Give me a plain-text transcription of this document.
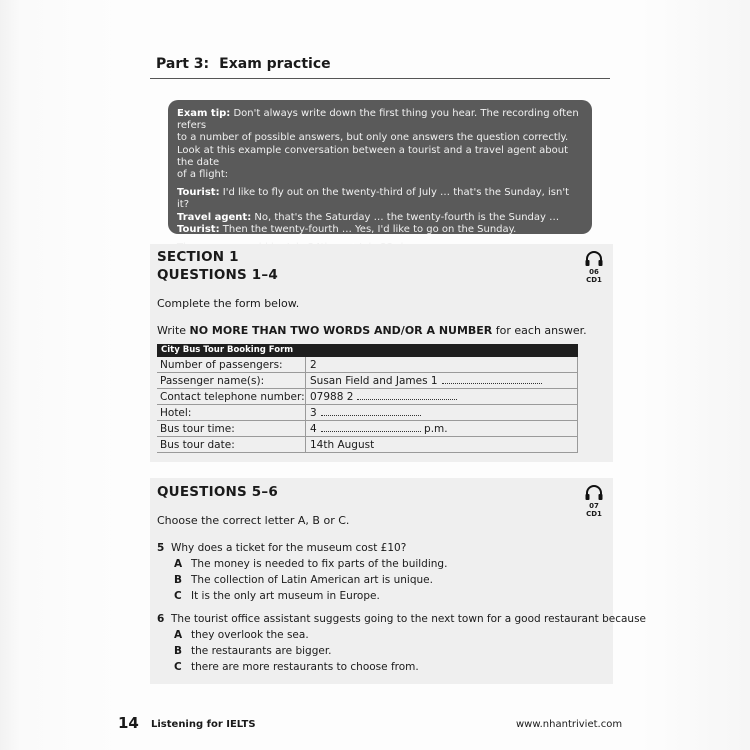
Part 3: Exam practice

Exam tip: Don't always write down the first thing you hear. The recording often refers

to a number of possible answers, but only one answers the question correctly.

Look at this example conversation between a tourist and a travel agent about the date

of a flight:

Tourist: I'd like to fly out on the twenty-third of July … that's the Sunday, isn't it?

Travel agent: No, that's the Saturday … the twenty-fourth is the Sunday …

Tourist: Then the twenty-fourth … Yes, I'd like to go on the Sunday.

SECTION 1
QUESTIONS 1–4	06
CD1
Complete the form below.
Write NO MORE THAN TWO WORDS AND/OR A NUMBER for each answer.
City Bus Tour Booking Form
Number of passengers:	2
Passenger name(s):	Susan Field and James 1
Contact telephone number:	07988 2
Hotel:	3
Bus tour time:	4 p.m.
Bus tour date:	14th August
QUESTIONS 5–6
07
CD1
Choose the correct letter A, B or C.
5 Why does a ticket for the museum cost £10?
A The money is needed to fix parts of the building.
B The collection of Latin American art is unique.
C It is the only art museum in Europe.
6 The tourist office assistant suggests going to the next town for a good restaurant because
A they overlook the sea.
B the restaurants are bigger.
C there are more restaurants to choose from.
14 Listening for IELTS	www.nhantriviet.com
